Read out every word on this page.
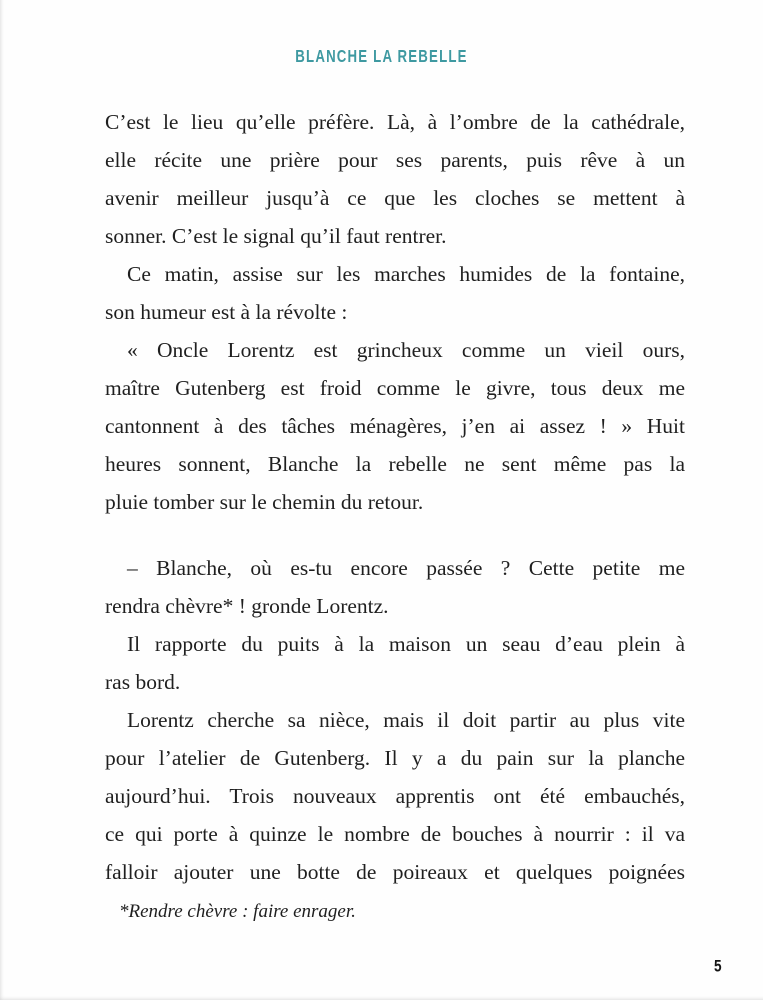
BLANCHE LA REBELLE

C’est le lieu qu’elle préfère. Là, à l’ombre de la cathédrale,
elle récite une prière pour ses parents, puis rêve à un
avenir meilleur jusqu’à ce que les cloches se mettent à
sonner. C’est le signal qu’il faut rentrer.

Ce matin, assise sur les marches humides de la fontaine,
son humeur est à la révolte :

« Oncle Lorentz est grincheux comme un vieil ours,
maître Gutenberg est froid comme le givre, tous deux me
cantonnent à des tâches ménagères, j’en ai assez ! » Huit
heures sonnent, Blanche la rebelle ne sent même pas la
pluie tomber sur le chemin du retour.

– Blanche, où es-tu encore passée ? Cette petite me
rendra chèvre* ! gronde Lorentz.

Il rapporte du puits à la maison un seau d’eau plein à
ras bord.

Lorentz cherche sa nièce, mais il doit partir au plus vite
pour l’atelier de Gutenberg. Il y a du pain sur la planche
aujourd’hui. Trois nouveaux apprentis ont été embauchés,
ce qui porte à quinze le nombre de bouches à nourrir : il va
falloir ajouter une botte de poireaux et quelques poignées

*Rendre chèvre : faire enrager.

5
